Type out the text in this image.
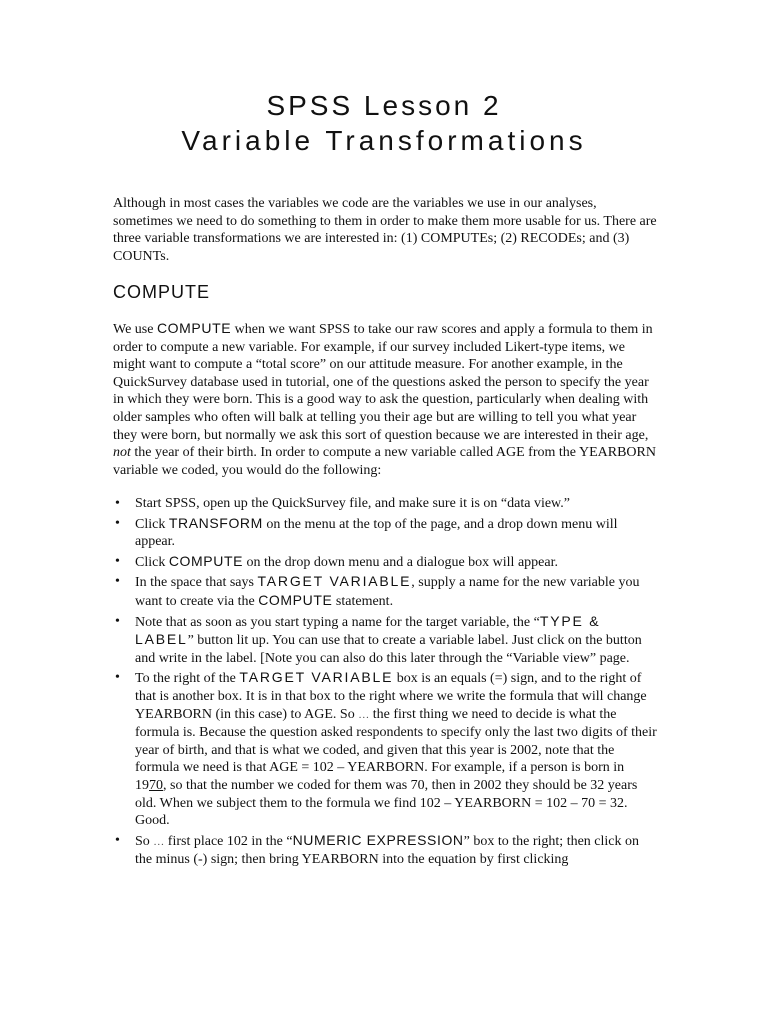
SPSS Lesson 2
Variable Transformations

Although in most cases the variables we code are the variables we use in our analyses, sometimes we need to do something to them in order to make them more usable for us. There are three variable transformations we are interested in: (1) COMPUTEs; (2) RECODEs; and (3) COUNTs.

COMPUTE

We use COMPUTE when we want SPSS to take our raw scores and apply a formula to them in order to compute a new variable. For example, if our survey included Likert-type items, we might want to compute a “total score” on our attitude measure. For another example, in the QuickSurvey database used in tutorial, one of the questions asked the person to specify the year in which they were born. This is a good way to ask the question, particularly when dealing with older samples who often will balk at telling you their age but are willing to tell you what year they were born, but normally we ask this sort of question because we are interested in their age, not the year of their birth. In order to compute a new variable called AGE from the YEARBORN variable we coded, you would do the following:

• Start SPSS, open up the QuickSurvey file, and make sure it is on “data view.”
• Click TRANSFORM on the menu at the top of the page, and a drop down menu will appear.
• Click COMPUTE on the drop down menu and a dialogue box will appear.
• In the space that says TARGET VARIABLE, supply a name for the new variable you want to create via the COMPUTE statement.
• Note that as soon as you start typing a name for the target variable, the “TYPE & LABEL” button lit up. You can use that to create a variable label. Just click on the button and write in the label. [Note you can also do this later through the “Variable view” page.
• To the right of the TARGET VARIABLE box is an equals (=) sign, and to the right of that is another box. It is in that box to the right where we write the formula that will change YEARBORN (in this case) to AGE. So … the first thing we need to decide is what the formula is. Because the question asked respondents to specify only the last two digits of their year of birth, and that is what we coded, and given that this year is 2002, note that the formula we need is that AGE = 102 – YEARBORN. For example, if a person is born in 1970, so that the number we coded for them was 70, then in 2002 they should be 32 years old. When we subject them to the formula we find 102 – YEARBORN = 102 – 70 = 32. Good.
• So … first place 102 in the “NUMERIC EXPRESSION” box to the right; then click on the minus (-) sign; then bring YEARBORN into the equation by first clicking
